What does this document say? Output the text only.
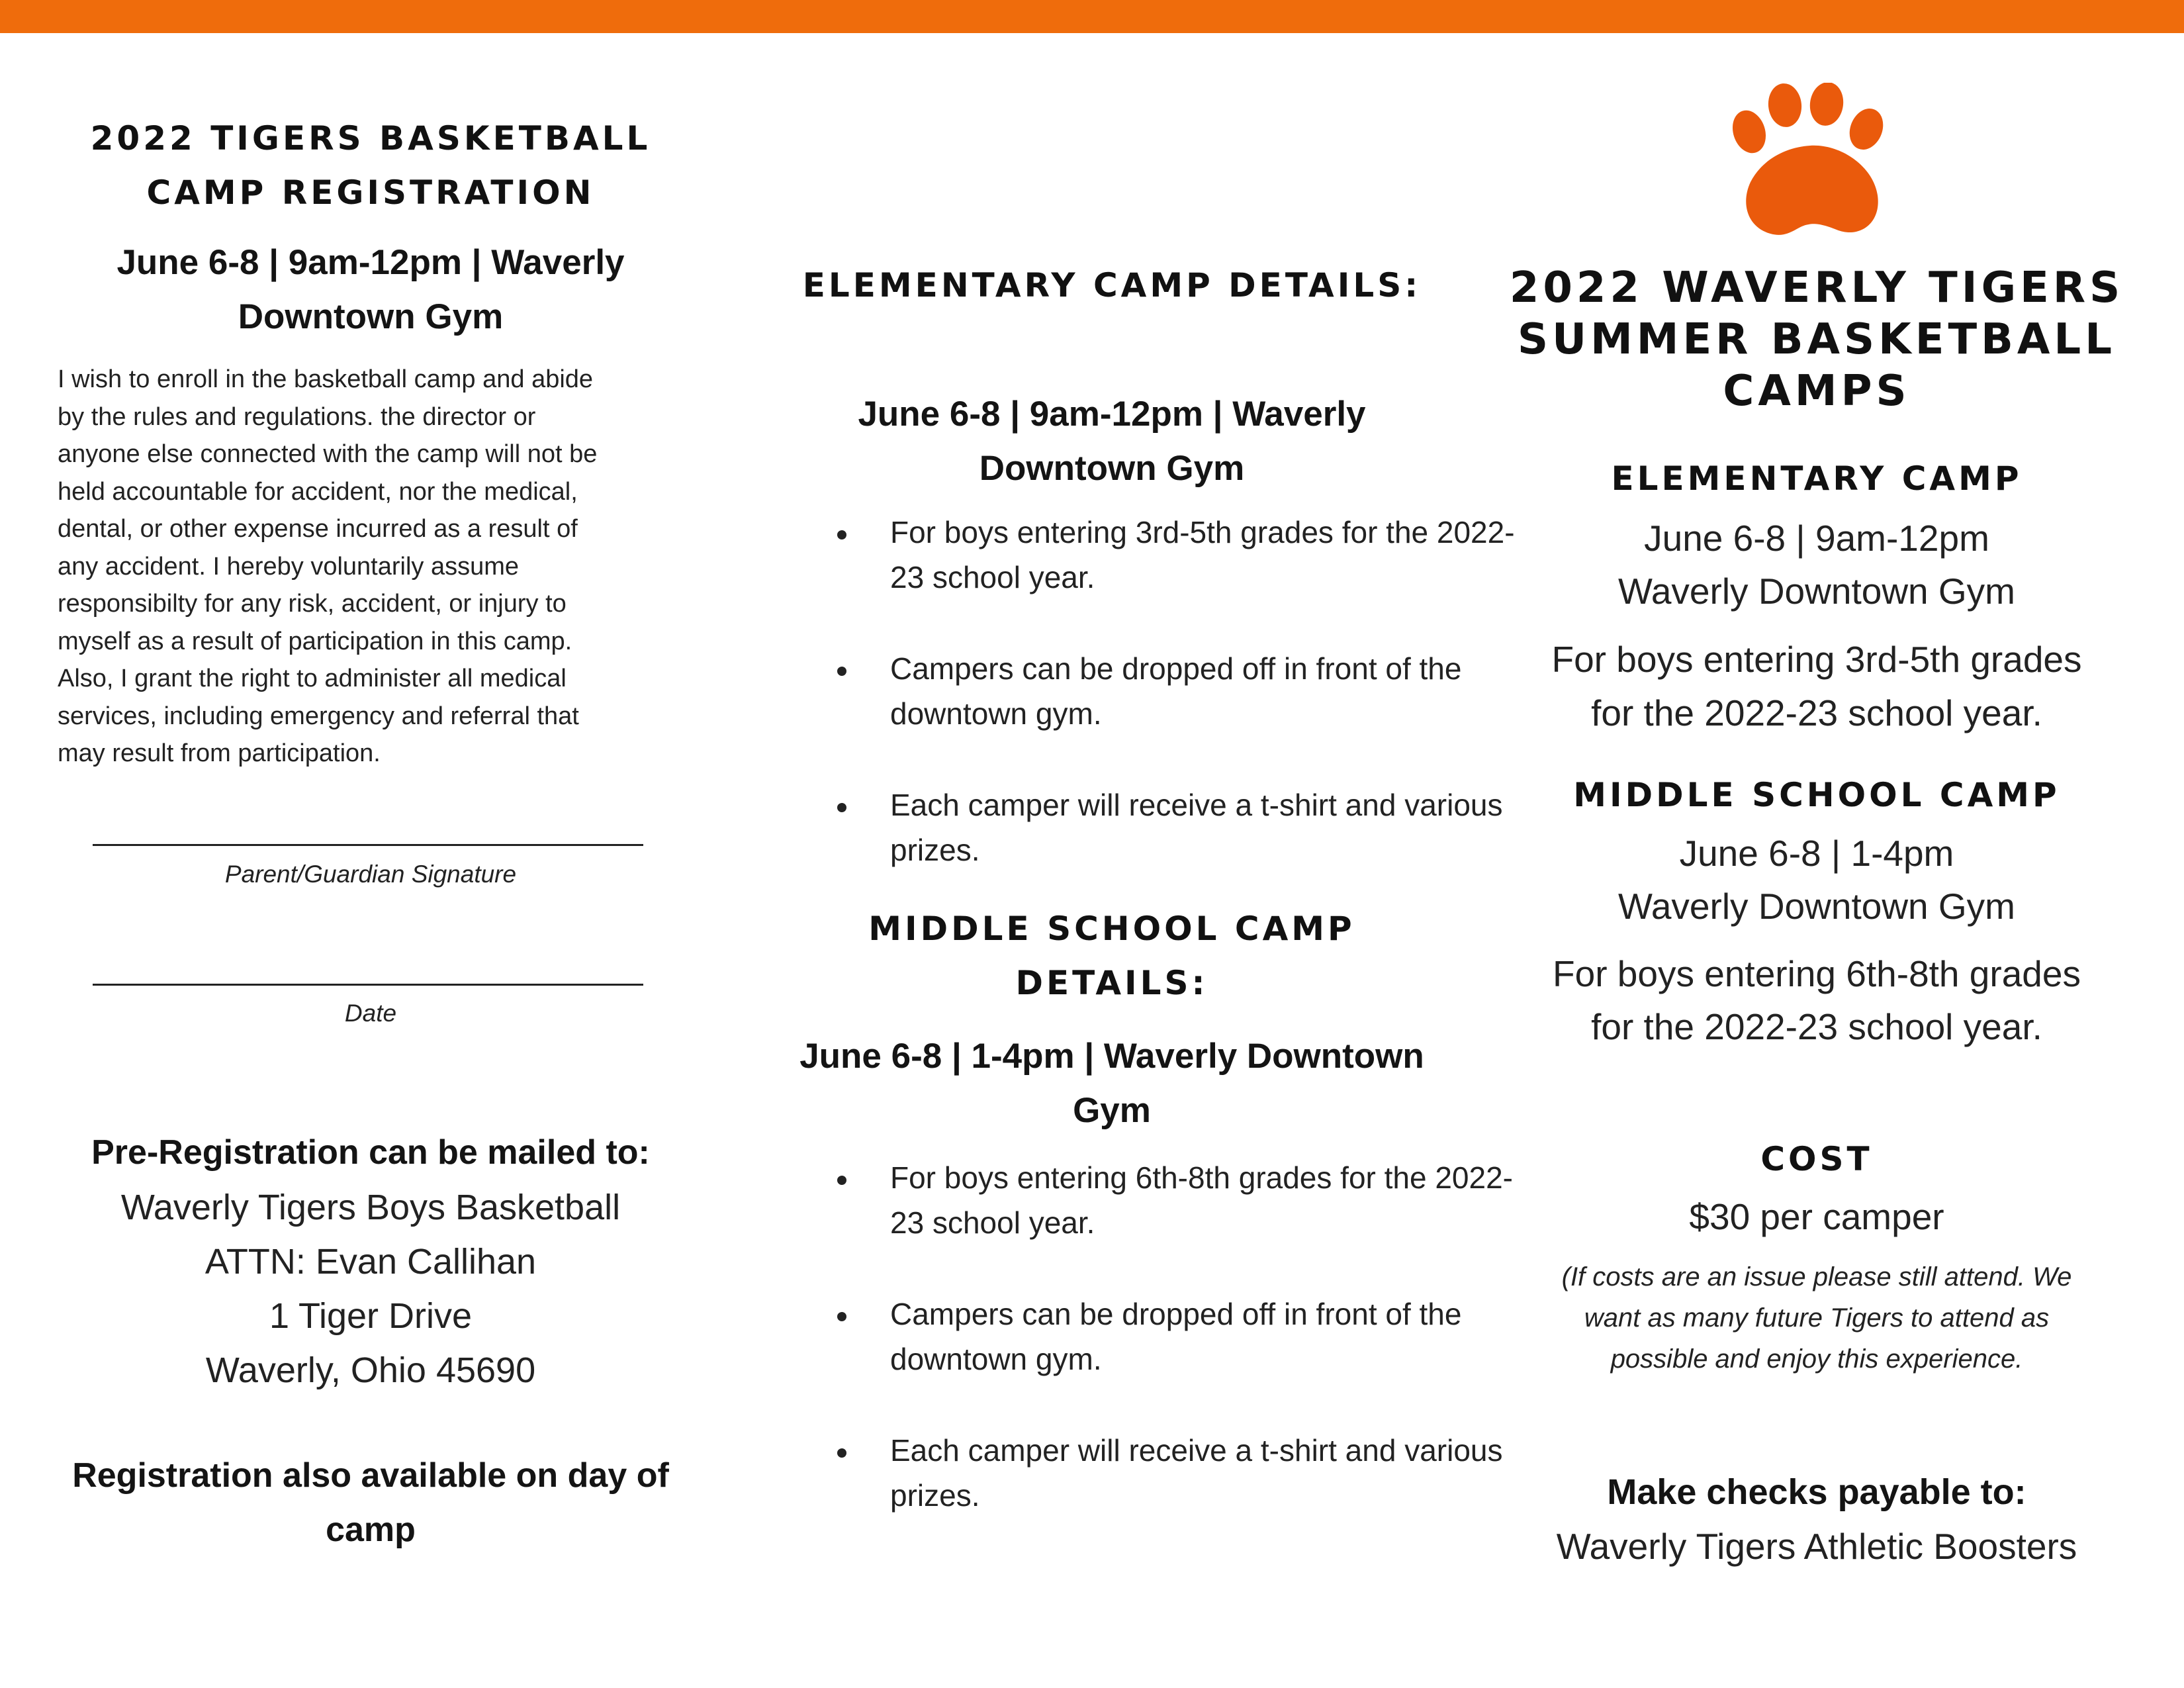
2022 TIGERS BASKETBALL CAMP REGISTRATION
June 6-8 | 9am-12pm | Waverly Downtown Gym
I wish to enroll in the basketball camp and abide
by the rules and regulations. the director or
anyone else connected with the camp will not be
held accountable for accident, nor the medical,
dental, or other expense incurred as a result of
any accident. I hereby voluntarily assume
responsibilty for any risk, accident, or injury to
myself as a result of participation in this camp.
Also, I grant the right to administer all medical
services, including emergency and referral that
may result from participation.
Parent/Guardian Signature
Date
Pre-Registration can be mailed to:
Waverly Tigers Boys Basketball
ATTN: Evan Callihan
1 Tiger Drive
Waverly, Ohio 45690
Registration also available on day of camp
ELEMENTARY CAMP DETAILS:
June 6-8 | 9am-12pm | Waverly Downtown Gym
For boys entering 3rd-5th grades for the 2022-23 school year.
Campers can be dropped off in front of the downtown gym.
Each camper will receive a t-shirt and various prizes.
MIDDLE SCHOOL CAMP DETAILS:
June 6-8 | 1-4pm | Waverly Downtown Gym
For boys entering 6th-8th grades for the 2022-23 school year.
Campers can be dropped off in front of the downtown gym.
Each camper will receive a t-shirt and various prizes.
2022 WAVERLY TIGERS SUMMER BASKETBALL CAMPS
ELEMENTARY CAMP
June 6-8 | 9am-12pm
Waverly Downtown Gym
For boys entering 3rd-5th grades
for the 2022-23 school year.
MIDDLE SCHOOL CAMP
June 6-8 | 1-4pm
Waverly Downtown Gym
For boys entering 6th-8th grades
for the 2022-23 school year.
COST
$30 per camper
(If costs are an issue please still attend. We
want as many future Tigers to attend as
possible and enjoy this experience.
Make checks payable to:
Waverly Tigers Athletic Boosters
